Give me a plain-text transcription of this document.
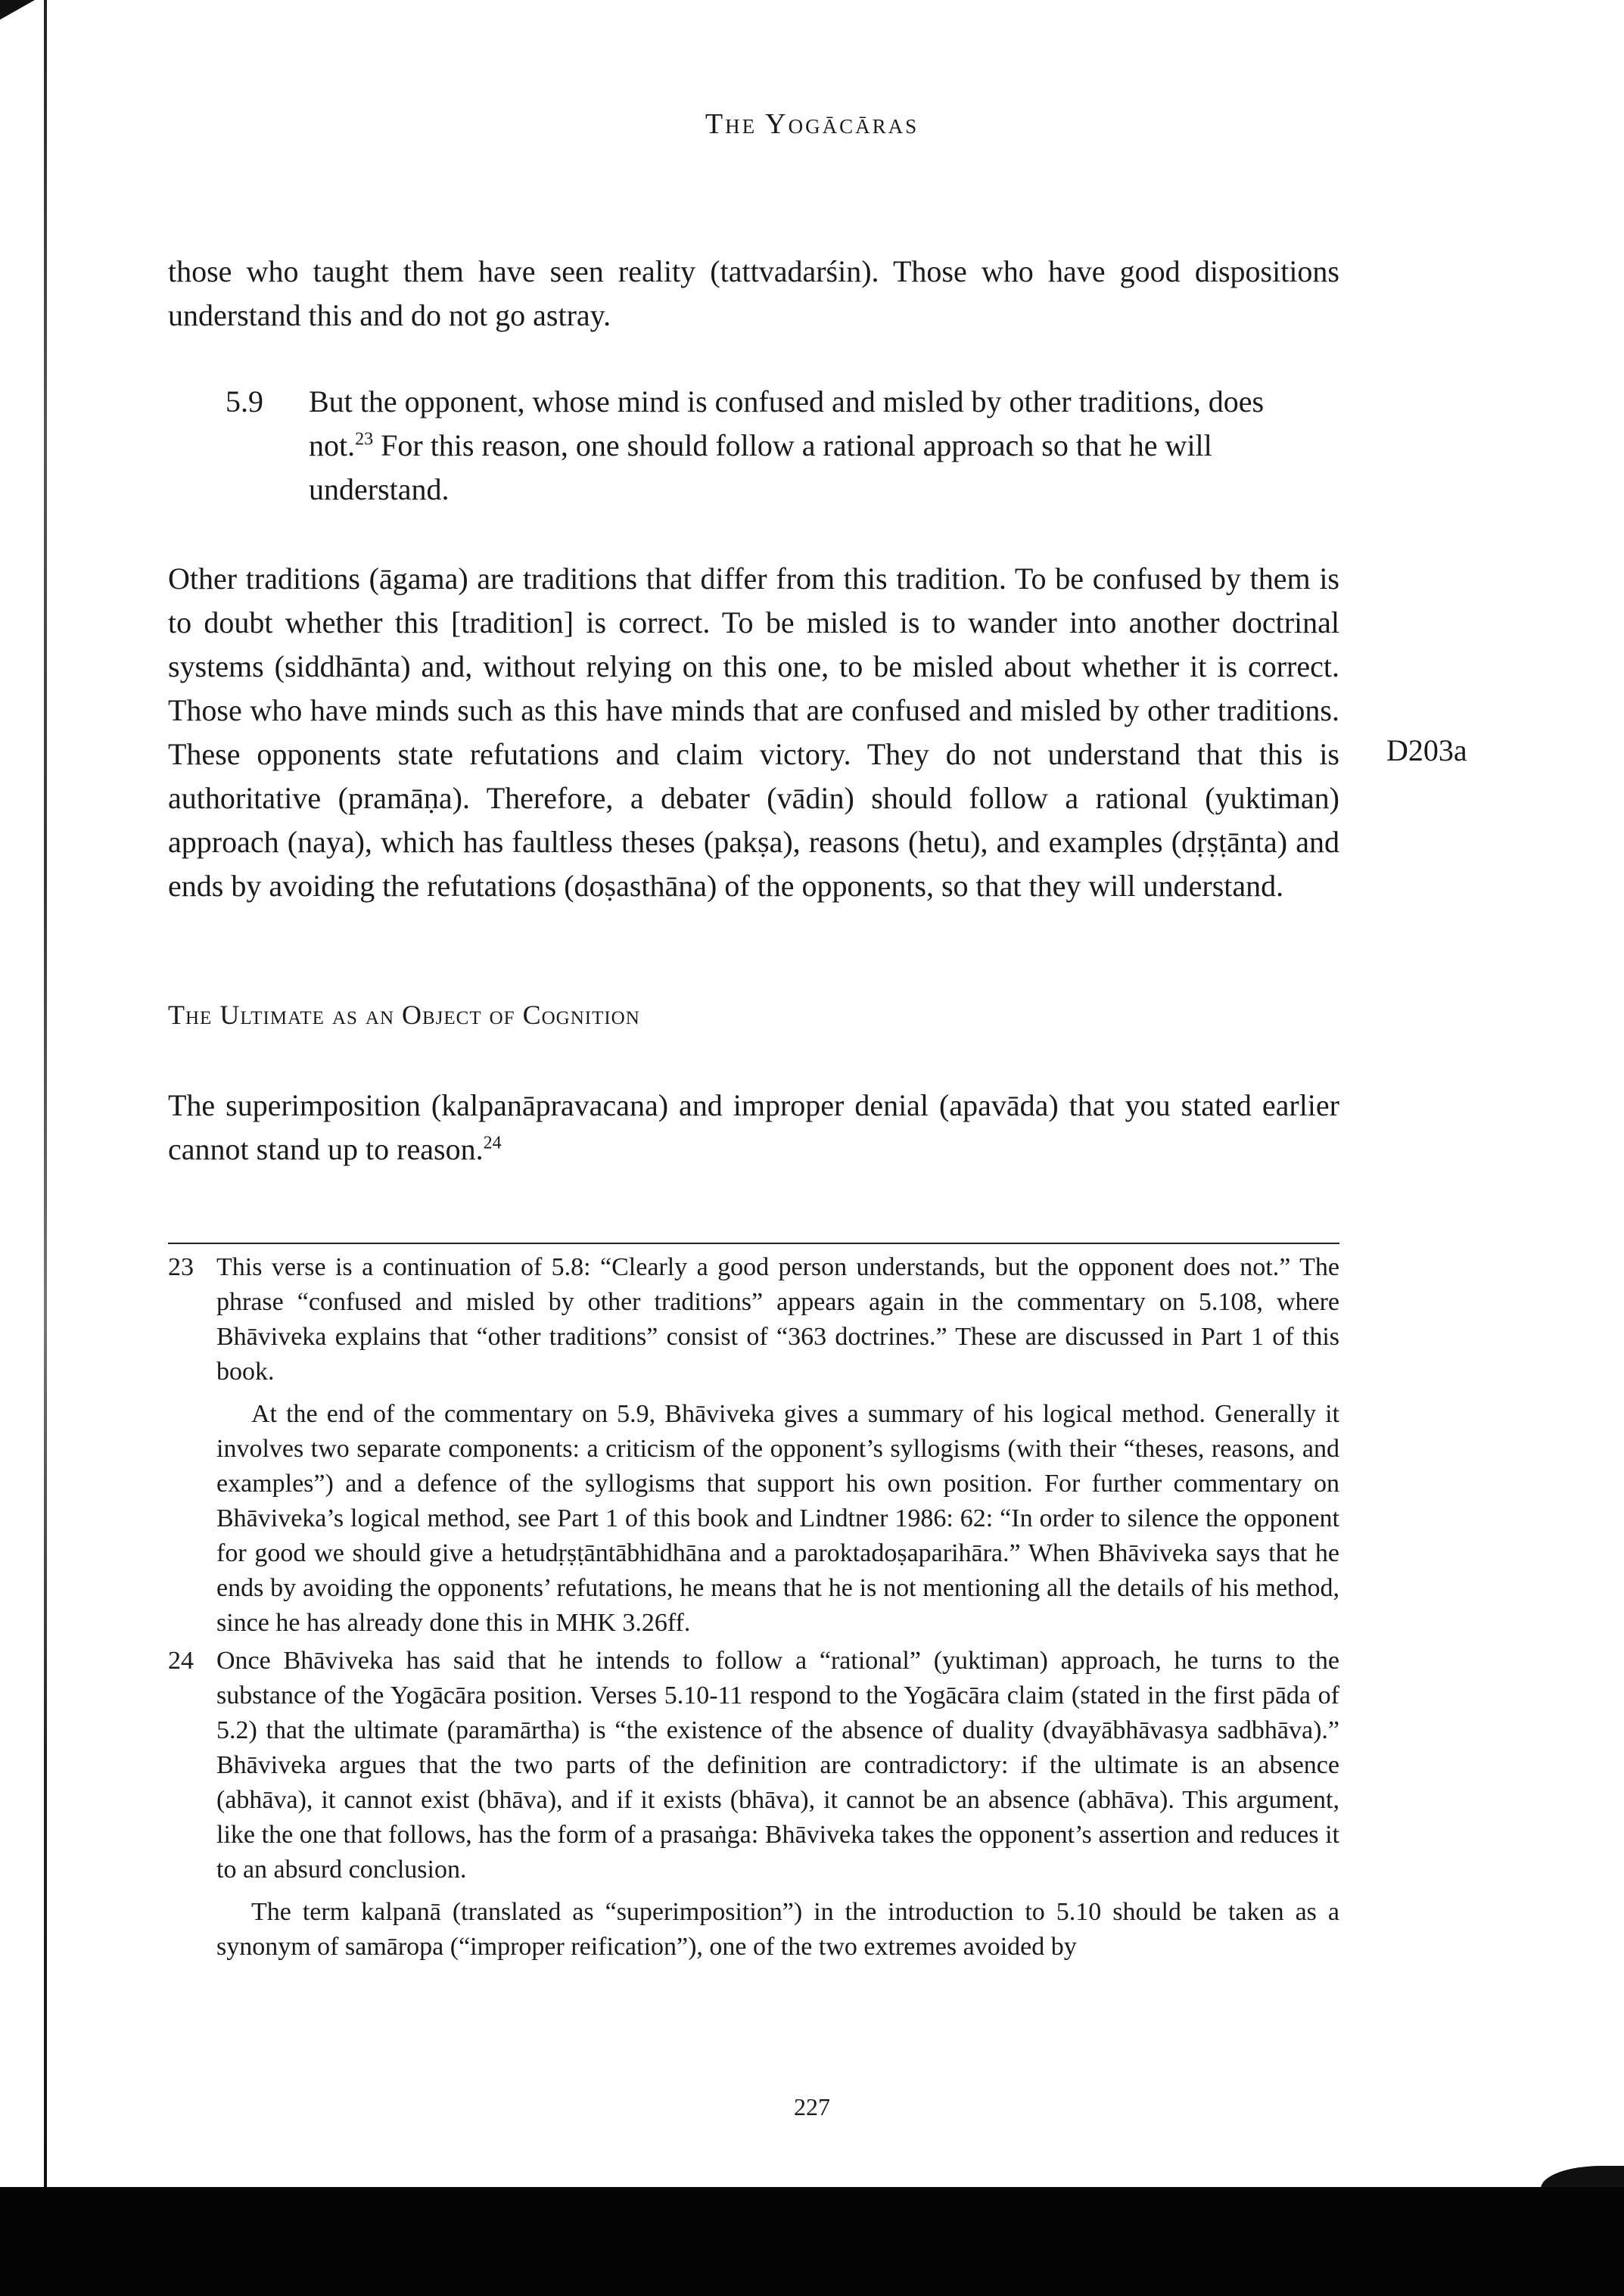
The Yogācāras

those who taught them have seen reality (tattvadarśin). Those who have good dispositions understand this and do not go astray.

5.9 But the opponent, whose mind is confused and misled by other traditions, does not.$^{23}$ For this reason, one should follow a rational approach so that he will understand.

Other traditions (āgama) are traditions that differ from this tradition. To be confused by them is to doubt whether this [tradition] is correct. To be misled is to wander into another doctrinal systems (siddhānta) and, without relying on this one, to be misled about whether it is correct. Those who have minds such as this have minds that are confused and misled by other traditions. These opponents state refutations and claim victory. They do not understand that this is authoritative (pramāṇa). Therefore, a debater (vādin) should follow a rational (yuktiman) approach (naya), which has faultless theses (pakṣa), reasons (hetu), and examples (dṛṣṭānta) and ends by avoiding the refutations (doṣasthāna) of the opponents, so that they will understand.

D203a
The Ultimate as an Object of Cognition

The superimposition (kalpanāpravacana) and improper denial (apavāda) that you stated earlier cannot stand up to reason.$^{24}$

23 This verse is a continuation of 5.8: “Clearly a good person understands, but the opponent does not.” The phrase “confused and misled by other traditions” appears again in the commentary on 5.108, where Bhāviveka explains that “other traditions” consist of “363 doctrines.” These are discussed in Part 1 of this book.

At the end of the commentary on 5.9, Bhāviveka gives a summary of his logical method. Generally it involves two separate components: a criticism of the opponent’s syllogisms (with their “theses, reasons, and examples”) and a defence of the syllogisms that support his own position. For further commentary on Bhāviveka’s logical method, see Part 1 of this book and Lindtner 1986: 62: “In order to silence the opponent for good we should give a hetudṛṣṭāntābhidhāna and a paroktadoṣaparihāra.” When Bhāviveka says that he ends by avoiding the opponents’ refutations, he means that he is not mentioning all the details of his method, since he has already done this in MHK 3.26ff.

24 Once Bhāviveka has said that he intends to follow a “rational” (yuktiman) approach, he turns to the substance of the Yogācāra position. Verses 5.10-11 respond to the Yogācāra claim (stated in the first pāda of 5.2) that the ultimate (paramārtha) is “the existence of the absence of duality (dvayābhāvasya sadbhāva).” Bhāviveka argues that the two parts of the definition are contradictory: if the ultimate is an absence (abhāva), it cannot exist (bhāva), and if it exists (bhāva), it cannot be an absence (abhāva). This argument, like the one that follows, has the form of a prasaṅga: Bhāviveka takes the opponent’s assertion and reduces it to an absurd conclusion.

The term kalpanā (translated as “superimposition”) in the introduction to 5.10 should be taken as a synonym of samāropa (“improper reification”), one of the two extremes avoided by

227
